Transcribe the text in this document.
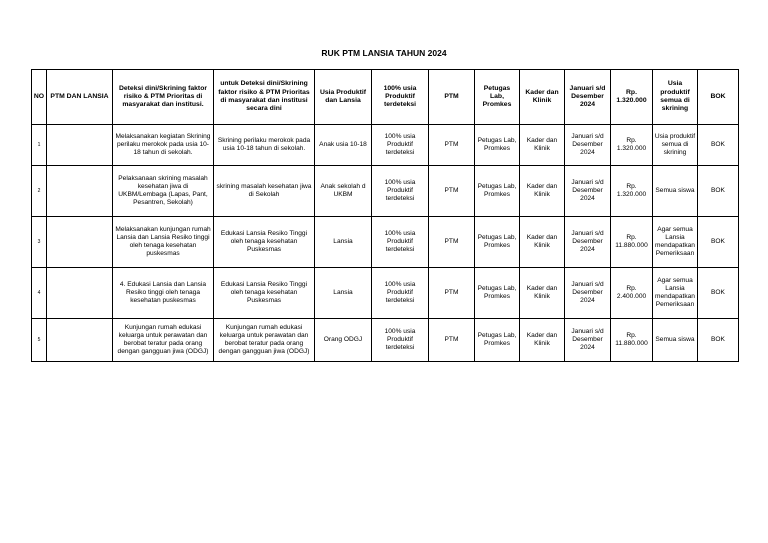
RUK PTM LANSIA TAHUN 2024
NO	PTM DAN LANSIA	Deteksi dini/Skrining faktor risiko & PTM Prioritas di masyarakat dan institusi.	untuk Deteksi dini/Skrining faktor risiko & PTM Prioritas di masyarakat dan institusi secara dini	Usia Produktif dan Lansia	100% usia Produktif terdeteksi	PTM	Petugas Lab, Promkes	Kader dan Klinik	Januari s/d Desember 2024	Rp. 1.320.000	Usia produktif semua di skrining	BOK
1		Melaksanakan kegiatan Skrining perilaku merokok pada usia 10-18 tahun di sekolah.	Skrining perilaku merokok pada usia 10-18 tahun di sekolah.	Anak usia 10-18	100% usia Produktif terdeteksi	PTM	Petugas Lab, Promkes	Kader dan Klinik	Januari s/d Desember 2024	Rp. 1.320.000	Usia produktif semua di skrining	BOK
2		Pelaksanaan skrining masalah kesehatan jiwa di UKBM/Lembaga (Lapas, Pant, Pesantren, Sekolah)	skrining masalah kesehatan jiwa di Sekolah	Anak sekolah d UKBM	100% usia Produktif terdeteksi	PTM	Petugas Lab, Promkes	Kader dan Klinik	Januari s/d Desember 2024	Rp. 1.320.000	Semua siswa	BOK
3		Melaksanakan kunjungan rumah Lansia dan Lansia Resiko tinggi oleh tenaga kesehatan puskesmas	Edukasi Lansia Resiko Tinggi oleh tenaga kesehatan Puskesmas	Lansia	100% usia Produktif terdeteksi	PTM	Petugas Lab, Promkes	Kader dan Klinik	Januari s/d Desember 2024	Rp. 11.880.000	Agar semua Lansia mendapatkan Pemeriksaan	BOK
4		4. Edukasi Lansia dan Lansia Resiko tinggi oleh tenaga kesehatan puskesmas	Edukasi Lansia Resiko Tinggi oleh tenaga kesehatan Puskesmas	Lansia	100% usia Produktif terdeteksi	PTM	Petugas Lab, Promkes	Kader dan Klinik	Januari s/d Desember 2024	Rp. 2.400.000	Agar semua Lansia mendapatkan Pemeriksaan	BOK
5		Kunjungan rumah edukasi keluarga untuk perawatan dan berobat teratur pada orang dengan gangguan jiwa (ODGJ)	Kunjungan rumah edukasi keluarga untuk perawatan dan berobat teratur pada orang dengan gangguan jiwa (ODGJ)	Orang ODGJ	100% usia Produktif terdeteksi	PTM	Petugas Lab, Promkes	Kader dan Klinik	Januari s/d Desember 2024	Rp. 11.880.000	Semua siswa	BOK
